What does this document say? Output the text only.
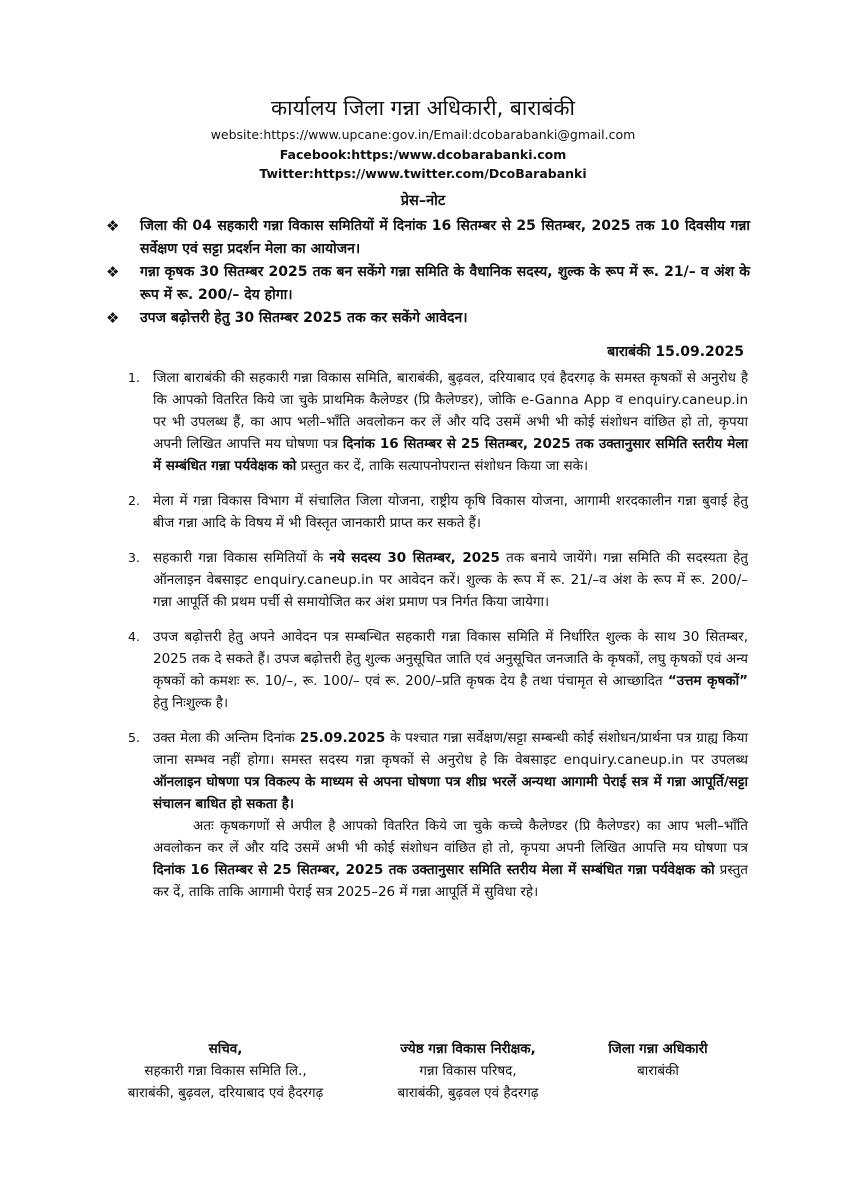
कार्यालय जिला गन्ना अधिकारी, बाराबंकी
website:https://www.upcane:gov.in/Email:dcobarabanki@gmail.com
Facebook:https:/www.dcobarabanki.com
Twitter:https://www.twitter.com/DcoBarabanki
प्रेस–नोट
❖ जिला की 04 सहकारी गन्ना विकास समितियों में दिनांक 16 सितम्बर से 25 सितम्बर, 2025 तक 10 दिवसीय गन्ना सर्वेक्षण एवं सट्टा प्रदर्शन मेला का आयोजन।
❖ गन्ना कृषक 30 सितम्बर 2025 तक बन सकेंगे गन्ना समिति के वैधानिक सदस्य, शुल्क के रूप में रू. 21/– व अंश के रूप में रू. 200/– देय होगा।
❖ उपज बढ़ोत्तरी हेतु 30 सितम्बर 2025 तक कर सकेंगे आवेदन।
बाराबंकी 15.09.2025
1. जिला बाराबंकी की सहकारी गन्ना विकास समिति, बाराबंकी, बुढ़वल, दरियाबाद एवं हैदरगढ़ के समस्त कृषकों से अनुरोध है कि आपको वितरित किये जा चुके प्राथमिक कैलेण्डर (प्रि कैलेण्डर), जोकि e-Ganna App व enquiry.caneup.in पर भी उपलब्ध हैं, का आप भली–भाँति अवलोकन कर लें और यदि उसमें अभी भी कोई संशोधन वांछित हो तो, कृपया अपनी लिखित आपत्ति मय घोषणा पत्र दिनांक 16 सितम्बर से 25 सितम्बर, 2025 तक उक्तानुसार समिति स्तरीय मेला में सम्बंधित गन्ना पर्यवेक्षक को प्रस्तुत कर दें, ताकि सत्यापनोपरान्त संशोधन किया जा सके।
2. मेला में गन्ना विकास विभाग में संचालित जिला योजना, राष्ट्रीय कृषि विकास योजना, आगामी शरदकालीन गन्ना बुवाई हेतु बीज गन्ना आदि के विषय में भी विस्तृत जानकारी प्राप्त कर सकते हैं।
3. सहकारी गन्ना विकास समितियों के नये सदस्य 30 सितम्बर, 2025 तक बनाये जायेंगे। गन्ना समिति की सदस्यता हेतु ऑनलाइन वेबसाइट enquiry.caneup.in पर आवेदन करें। शुल्क के रूप में रू. 21/–व अंश के रूप में रू. 200/– गन्ना आपूर्ति की प्रथम पर्ची से समायोजित कर अंश प्रमाण पत्र निर्गत किया जायेगा।
4. उपज बढ़ोत्तरी हेतु अपने आवेदन पत्र सम्बन्धित सहकारी गन्ना विकास समिति में निर्धारित शुल्क के साथ 30 सितम्बर, 2025 तक दे सकते हैं। उपज बढ़ोत्तरी हेतु शुल्क अनुसूचित जाति एवं अनुसूचित जनजाति के कृषकों, लघु कृषकों एवं अन्य कृषकों को कमशः रू. 10/–, रू. 100/– एवं रू. 200/–प्रति कृषक देय है तथा पंचामृत से आच्छादित “उत्तम कृषकों” हेतु निःशुल्क है।
5. उक्त मेला की अन्तिम दिनांक 25.09.2025 के पश्चात गन्ना सर्वेक्षण/सट्टा सम्बन्धी कोई संशोधन/प्रार्थना पत्र ग्राह्य किया जाना सम्भव नहीं होगा। समस्त सदस्य गन्ना कृषकों से अनुरोध हे कि वेबसाइट enquiry.caneup.in पर उपलब्ध ऑनलाइन घोषणा पत्र विकल्प के माध्यम से अपना घोषणा पत्र शीघ्र भरलें अन्यथा आगामी पेराई सत्र में गन्ना आपूर्ति/सट्टा संचालन बाधित हो सकता है।
अतः कृषकगणों से अपील है आपको वितरित किये जा चुके कच्चे कैलेण्डर (प्रि कैलेण्डर) का आप भली–भाँति अवलोकन कर लें और यदि उसमें अभी भी कोई संशोधन वांछित हो तो, कृपया अपनी लिखित आपत्ति मय घोषणा पत्र दिनांक 16 सितम्बर से 25 सितम्बर, 2025 तक उक्तानुसार समिति स्तरीय मेला में सम्बंधित गन्ना पर्यवेक्षक को प्रस्तुत कर दें, ताकि ताकि आगामी पेराई सत्र 2025–26 में गन्ना आपूर्ति में सुविधा रहे।
सचिव,
सहकारी गन्ना विकास समिति लि.,
बाराबंकी, बुढ़वल, दरियाबाद एवं हैदरगढ़
ज्येष्ठ गन्ना विकास निरीक्षक,
गन्ना विकास परिषद,
बाराबंकी, बुढ़वल एवं हैदरगढ़
जिला गन्ना अधिकारी
बाराबंकी
